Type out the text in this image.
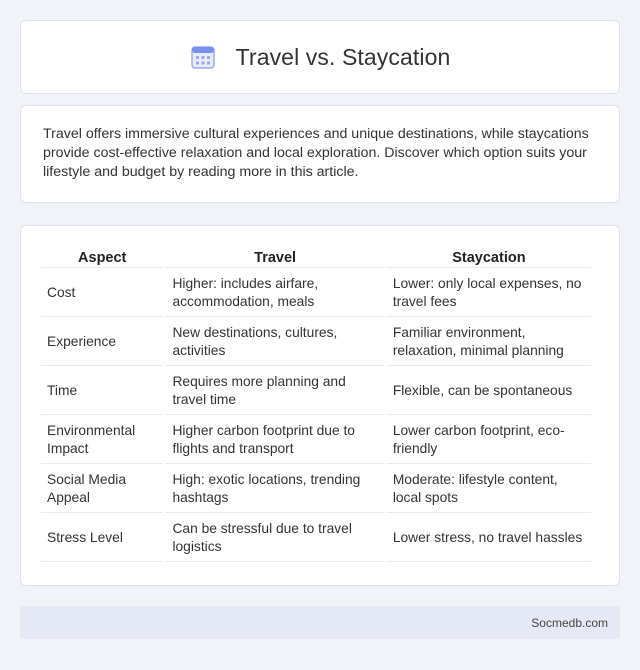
Travel vs. Staycation

Travel offers immersive cultural experiences and unique destinations, while staycations provide cost-effective relaxation and local exploration. Discover which option suits your lifestyle and budget by reading more in this article.

Aspect	Travel	Staycation
Cost	Higher: includes airfare, accommodation, meals	Lower: only local expenses, no travel fees
Experience	New destinations, cultures, activities	Familiar environment, relaxation, minimal planning
Time	Requires more planning and travel time	Flexible, can be spontaneous
Environmental Impact	Higher carbon footprint due to flights and transport	Lower carbon footprint, eco-friendly
Social Media Appeal	High: exotic locations, trending hashtags	Moderate: lifestyle content, local spots
Stress Level	Can be stressful due to travel logistics	Lower stress, no travel hassles
Socmedb.com
